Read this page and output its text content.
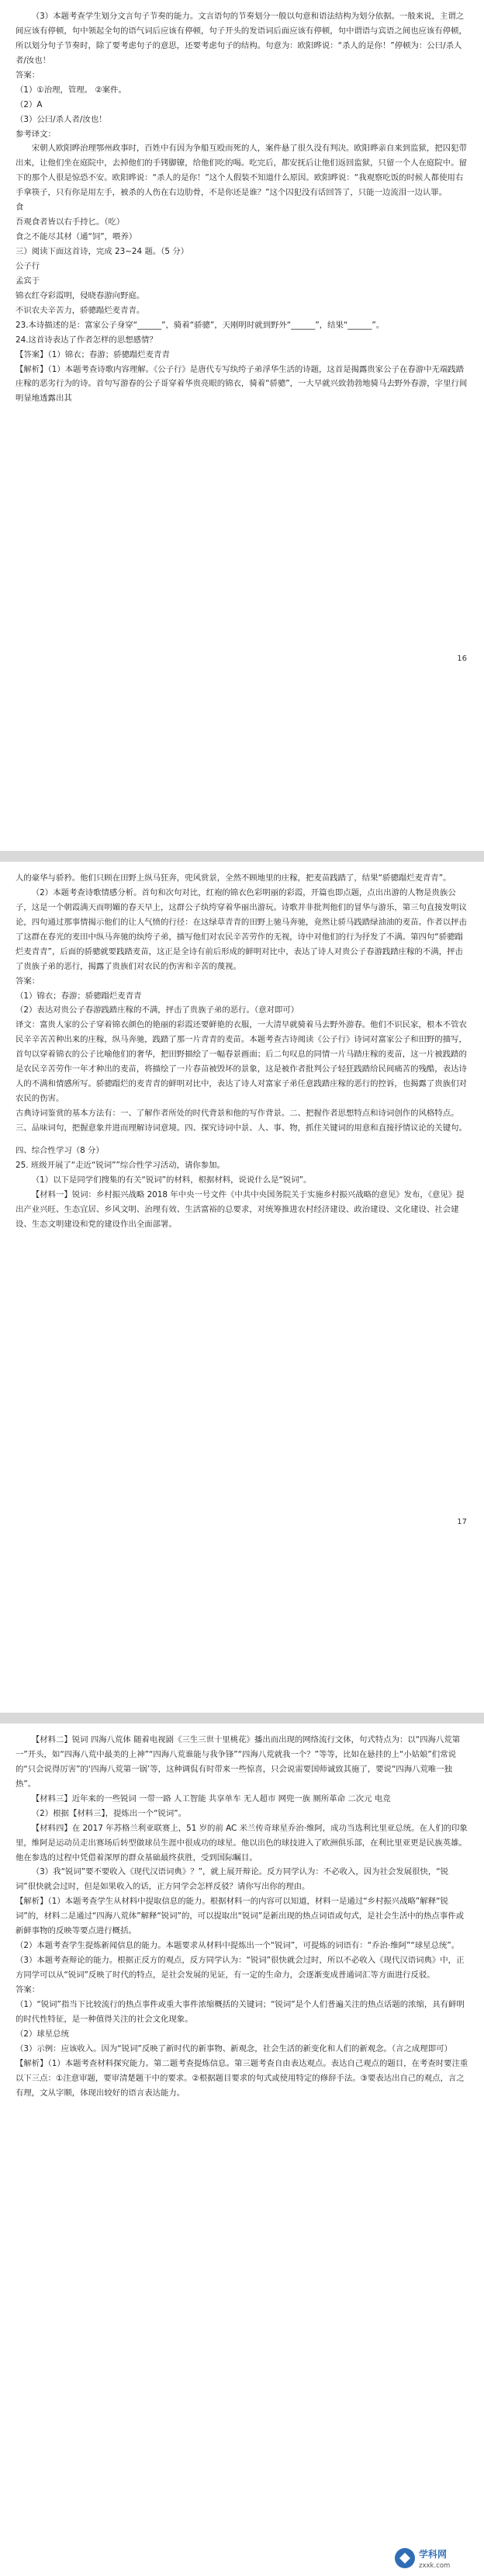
（3）本题考查学生划分文言句子节奏的能力。文言语句的节奏划分一般以句意和语法结构为划分依据。一般来说，主谓之间应该有停顿，句中领起全句的语气词后应该有停顿，句子开头的发语词后面应该有停顿，句中谓语与宾语之间也应该有停顿，所以划分句子节奏时，除了要考虑句子的意思，还要考虑句子的结构。句意为：欧阳晔说：“杀人的是你！”停顿为：公曰/杀人者/汝也！

答案：

（1）①治理，管理。 ②案件。

（2）A

（3）公曰/杀人者/汝也！

参考译文：

宋朝人欧阳晔治理鄂州政事时，百姓中有因为争船互殴而死的人，案件悬了很久没有判决。欧阳晔亲自来到监狱，把囚犯带出来，让他们坐在庭院中，去掉他们的手铐脚镣，给他们吃的喝。吃完后，都安抚后让他们返回监狱，只留一个人在庭院中。留下的那个人很是惊恐不安。欧阳晔说：“杀人的是你！”这个人假装不知道什么原因。欧阳晔说：“我观察吃饭的时候人都使用右手拿筷子，只有你是用左手，被杀的人伤在右边肋骨，不是你还是谁？”这个囚犯没有话回答了，只能一边流泪一边认罪。

食

吾观食者皆以右手持匕。（吃）

食之不能尽其材（通“饲”，喂养）

三）阅读下面这首诗，完成 23~24 题。（5 分）

公子行

孟宾于

锦衣红夺彩霞明，侵晓春游向野庭。

不识农夫辛苦力，骄骢蹋烂麦青青。

23.本诗描述的是：富家公子身穿“______”，骑着“骄骢”，天刚明时就到野外“______”，结果“______”。

24.这首诗表达了作者怎样的思想感情？

【答案】（1）锦衣；春游；骄骢蹋烂麦青青

【解析】（1）本题考查诗歌内容理解。《公子行》是唐代专写纨绔子弟浮华生活的诗题，这首是揭露贵家公子在春游中无端践踏庄稼的恶劣行为的诗。首句写游春的公子哥穿着华贵亮眼的锦衣，骑着“骄骢”，一大早就兴致勃勃地骑马去野外春游，字里行间明显地透露出其

16

人的豪华与骄矜。他们只顾在田野上纵马狂奔，兜风赏景，全然不顾地里的庄稼，把麦苗践踏了，结果“骄骢蹋烂麦青青”。

（2）本题考查诗歌情感分析。首句和次句对比，红袍的锦衣色彩明丽的彩霞，开篇也即点题，点出出游的人物是贵族公子，这是一个朝霞满天而明媚的春天早上，这群公子纨绔穿着华丽出游玩。诗歌并非批判他们的冒华与游乐，第三句直接发明议论，四句通过那事情揭示他们的让人气愤的行径：在这绿草青青的田野上驰马奔驰，竟然让骄马践踏绿油油的麦苗。作者以抨击了这群在春光的麦田中纵马奔驰的纨绔子弟，描写他们对农民辛苦劳作的无视，诗中对他们的行为抒发了不满。第四句“骄骢蹋烂麦青青”，后面的骄骢就要践踏麦苗，这正是全诗有前后形成的鲜明对比中，表达了诗人对贵公子春游践踏庄稼的不满，抨击了贵族子弟的恶行，揭露了贵族们对农民的伤害和辛苦的蔑视。

答案：

（1）锦衣；春游；骄骢蹋烂麦青青

（2）表达对贵公子春游践踏庄稼的不满，抨击了贵族子弟的恶行。（意对即可）

译文：富贵人家的公子穿着锦衣颜色的艳丽的彩霞还要鲜艳的衣服，一大清早就骑着马去野外游春。他们不识民家，根本不管农民辛辛苦苦种出来的庄稼，纵马奔驰，践踏了那一片青青的麦苗。本题考查古诗阅读《公子行》诗词对富家公子和田野的描写，首句以穿着锦衣的公子比喻他们的奢华，把田野描绘了一幅春景画面；后二句叹息的同情一片马踏庄稼的麦苗，这一片被践踏的是农民辛苦劳作一年才种出的麦苗，将描绘了一片春苗被毁坏的景象，这是被作者批判公子轻狂践踏给民间痛苦的残酷，表达诗人的不满和情感所写。骄骢蹋烂的麦青青的鲜明对比中，表达了诗人对富家子弟任意践踏庄稼的恶行的控诉，也揭露了贵族们对农民的伤害。

古典诗词鉴赏的基本方法有：一、了解作者所处的时代背景和他的写作背景。二、把握作者思想特点和诗词创作的风格特点。三、品味词句，把握意象并进而理解诗词意境。四、探究诗词中景、人、事、物，抓住关键词的用意和直接抒情议论的关键句。

四、综合性学习（8 分）

25. 班级开展了“走近“锐词””综合性学习活动，请你参加。

（1）以下是同学们搜集的有关“锐词”的材料，根据材料，说说什么是“锐词”。

【材料一】锐词：乡村振兴战略 2018 年中央一号文件《中共中央国务院关于实施乡村振兴战略的意见》发布，《意见》提出产业兴旺、生态宜居、乡风文明、治理有效、生活富裕的总要求，对统筹推进农村经济建设、政治建设、文化建设、社会建设、生态文明建设和党的建设作出全面部署。

17

【材料二】锐词 四海八荒体 随着电视剧《三生三世十里桃花》播出而出现的网络流行文体，句式特点为：以“四海八荒第一”开头，如“四海八荒中最美的上神”“四海八荒谁能与我争锋”“四海八荒就我一个？”等等，比如在悬挂的上“小姑娘”们常说的“只会说得厉害”的‘四海八荒第一锅’等，这种调侃有时带来一些惊喜，只会说需要国师诚致其施了，要说“四海八荒唯一独热”。

【材料三】近年来的一些锐词 一带一路 人工智能 共享单车 无人超市 网兜一族 厕所革命 二次元 电竞

（2）根据【材料三】，提炼出一个“锐词”。

【材料四】在 2017 年苏格兰利亚联赛上，51 岁的前 AC 米兰传奇球星乔治·维阿，成功当选利比里亚总统。在人们的印象里，维阿是运动员走出赛场后转型做球员生涯中很成功的球星。他以出色的球技进入了欧洲俱乐部，在利比里亚更是民族英雄。他在参选的过程中凭借着深厚的群众基础最终获胜，受到国际瞩目。

（3）我“锐词”要不要收入《现代汉语词典》？”，就上展开辩论。反方同学认为：不必收入，因为社会发展很快，“锐词”很快就会过时，但是如果收入的话，正方同学会怎样反驳？请你写出你的理由。

【解析】（1）本题考查学生从材料中提取信息的能力。根据材料一的内容可以知道，材料一是通过“乡村振兴战略”解释“锐词”的，材料二是通过“四海八荒体”解释“锐词”的，可以提取出“锐词”是新出现的热点词语或句式，是社会生活中的热点事件或新鲜事物的反映等要点进行概括。

（2）本题考查学生提炼新闻信息的能力。本题要求从材料中提炼出一个“锐词”，可提炼的词语有：“乔治·维阿”“球星总统”。

（3）本题考查辩论的能力。根据正反方的观点，反方同学认为：“锐词”很快就会过时，所以不必收入《现代汉语词典》中，正方同学可以从“锐词”反映了时代的特点，是社会发展的见证，有一定的生命力，会逐渐变成普通词汇等方面进行反驳。

答案：

（1）“锐词”指当下比较流行的热点事件或重大事件浓缩概括的关键词；“锐词”是个人们普遍关注的热点话题的浓缩，具有鲜明的时代性特征，是一种值得关注的社会文化现象。

（2）球星总统

（3）示例：应该收入。因为“锐词”反映了新时代的新事物、新观念，社会生活的新变化和人们的新观念。（言之成理即可）

【解析】（1）本题考查材料探究能力。第二题考查提炼信息。第三题考查自由表达观点。表达自己观点的题目，在考查时要注重以下三点：①注意审题，要审清楚题干中的要求。②根据题目要求的句式或使用特定的修辞手法。③要表达出自己的观点，言之有理，文从字顺，体现出较好的语言表达能力。

学科网
zxxk.com
